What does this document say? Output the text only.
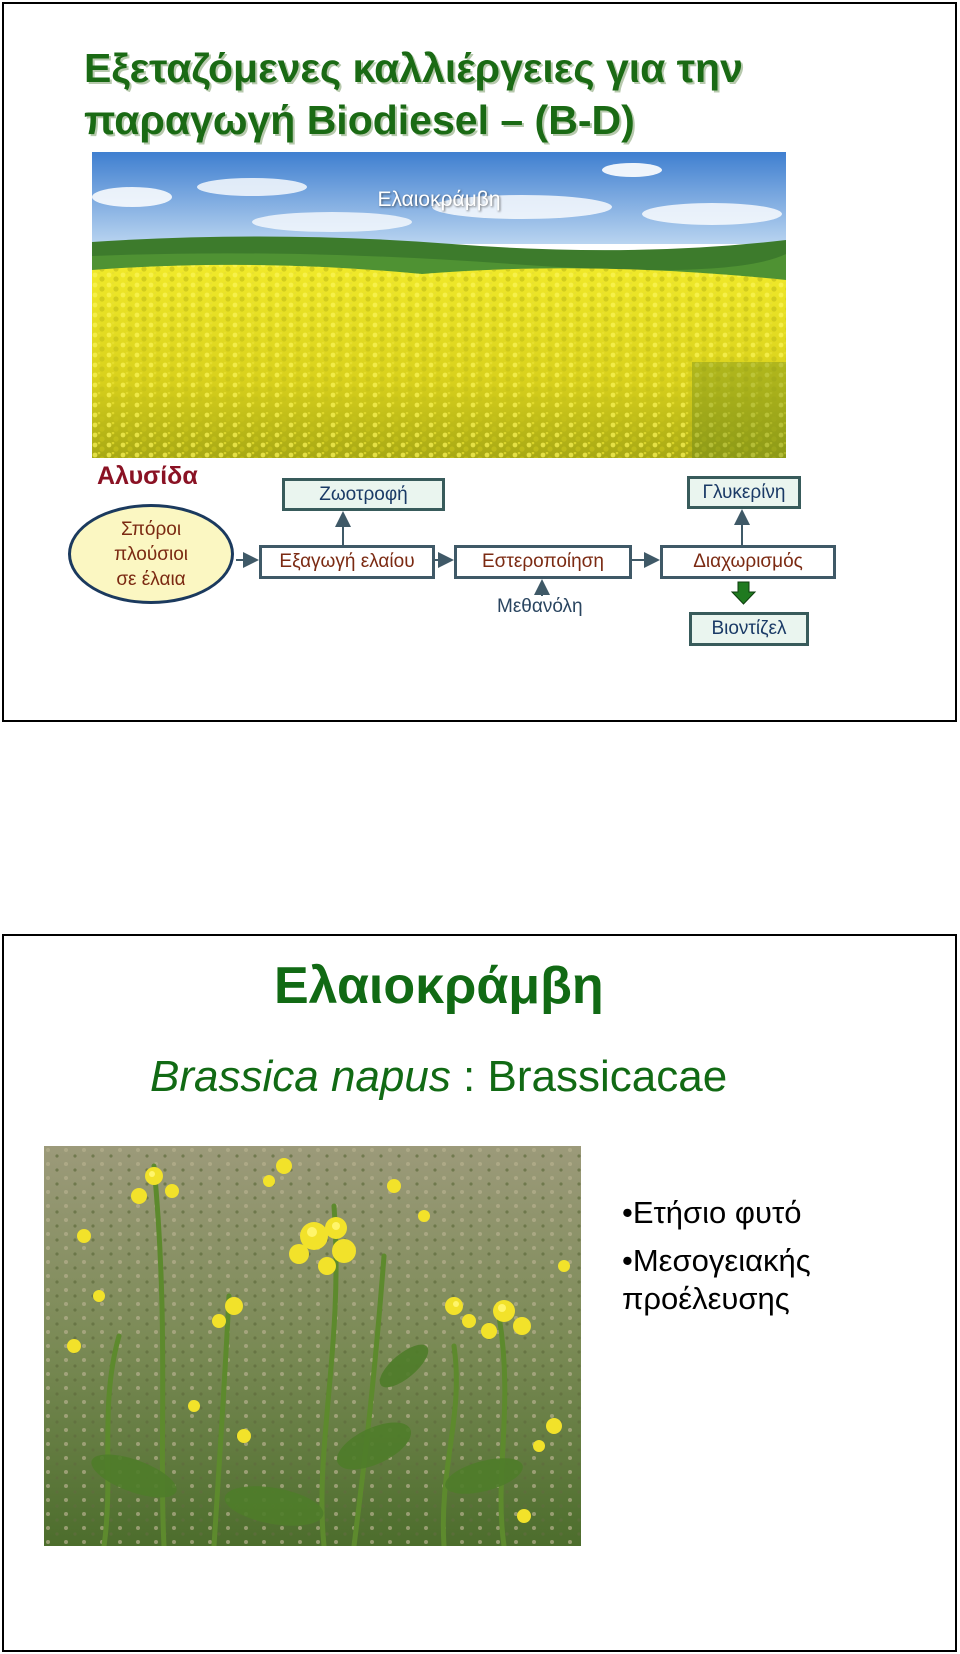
Εξεταζόμενες καλλιέργειες για την
παραγωγή Biodiesel – (B-D)
Ελαιοκράμβη
Αλυσίδα
Σπόροι
πλούσιοι
σε έλαια
Ζωοτροφή
Εξαγωγή ελαίου	Εστεροποίηση
Γλυκερίνη
Διαχωρισμός
Βιοντίζελ
Μεθανόλη
Ελαιοκράμβη
Brassica napus : Brassicacae
•Ετήσιο φυτό
•Μεσογειακής προέλευσης
